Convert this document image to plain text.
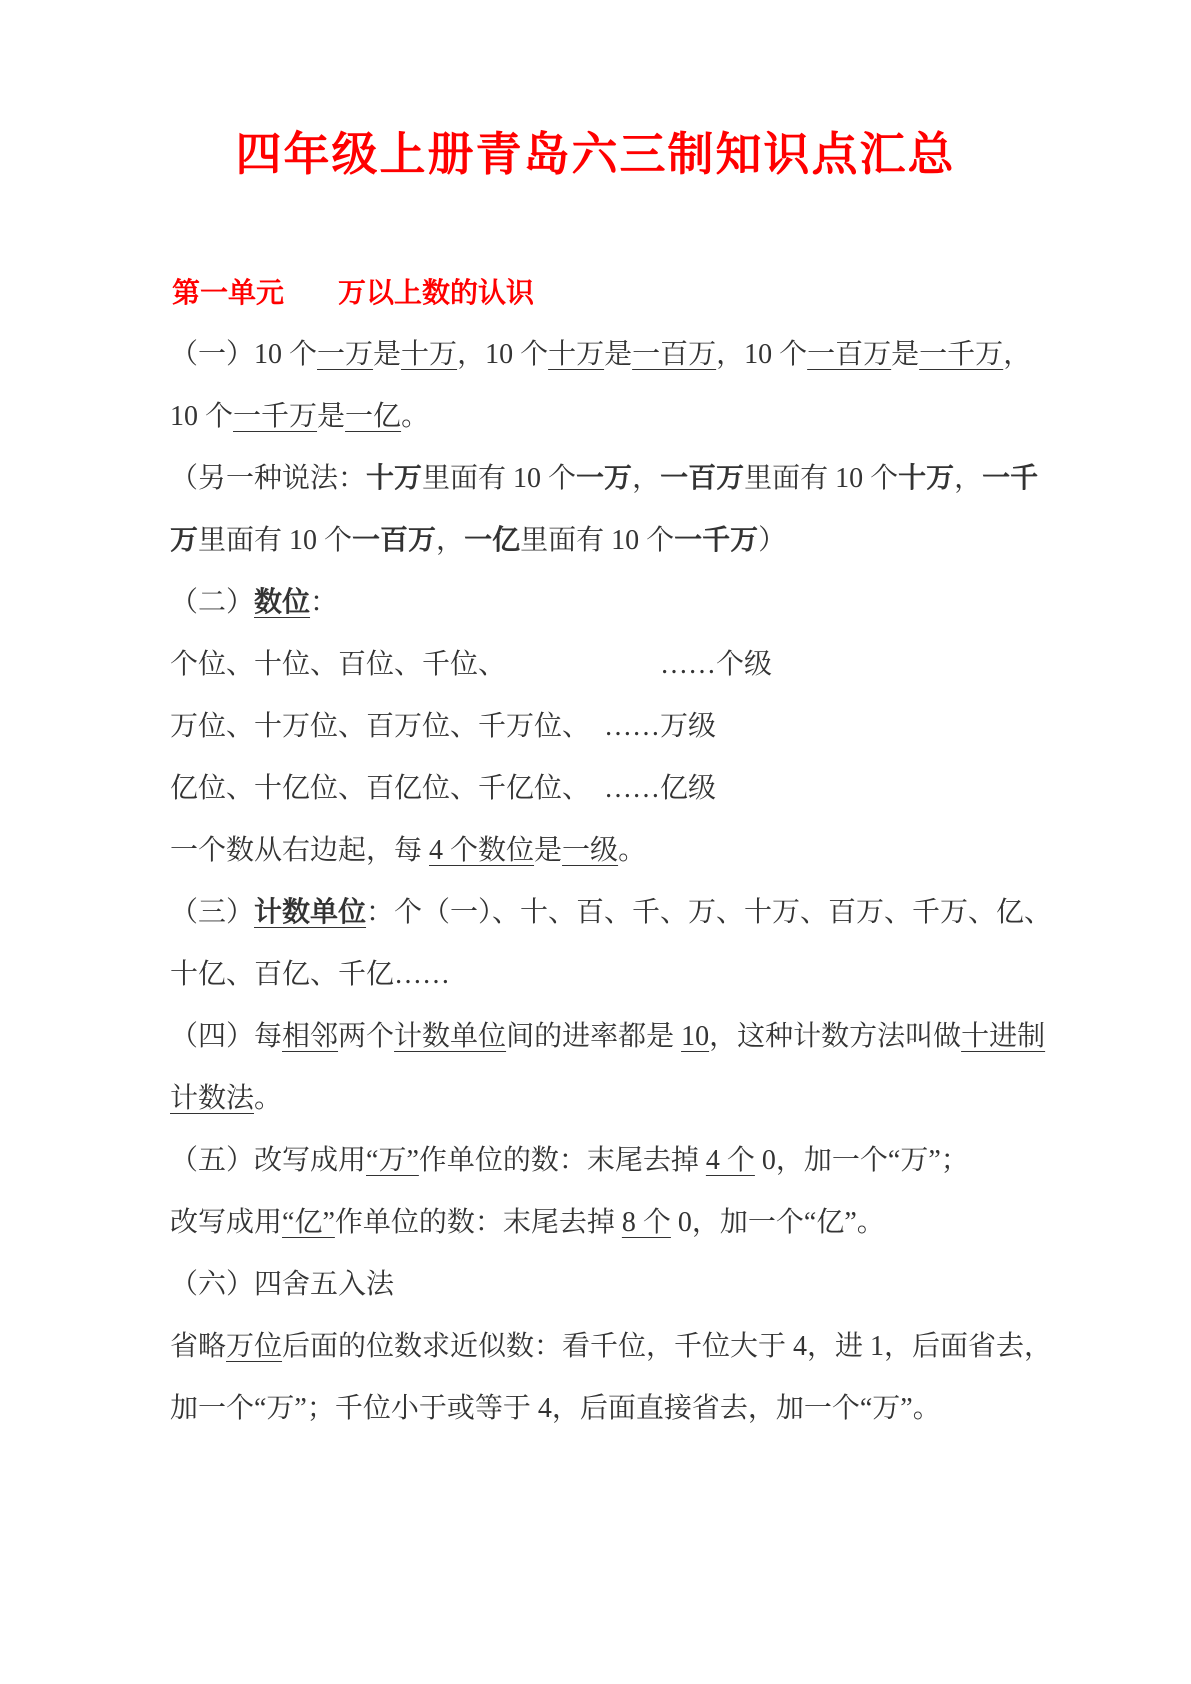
四年级上册青岛六三制知识点汇总
第一单元 万以上数的认识
（一）10 个一万是十万，10 个十万是一百万，10 个一百万是一千万，
10 个一千万是一亿。
（另一种说法：十万里面有 10 个一万，一百万里面有 10 个十万，一千
万里面有 10 个一百万，一亿里面有 10 个一千万）
（二）数位：
个位、十位、百位、千位、　　　　　　	……个级
万位、十万位、百万位、千万位、　 ……万级
亿位、十亿位、百亿位、千亿位、　 ……亿级
一个数从右边起，每 4 个数位是一级。
（三）计数单位：个（一）、十、百、千、万、十万、百万、千万、亿、
十亿、百亿、千亿……
（四）每相邻两个计数单位间的进率都是 10，这种计数方法叫做十进制
计数法。
（五）改写成用“万”作单位的数：末尾去掉 4 个 0，加一个“万”；
改写成用“亿”作单位的数：末尾去掉 8 个 0，加一个“亿”。
（六）四舍五入法
省略万位后面的位数求近似数：看千位，千位大于 4，进 1，后面省去，
加一个“万”；千位小于或等于 4，后面直接省去，加一个“万”。
